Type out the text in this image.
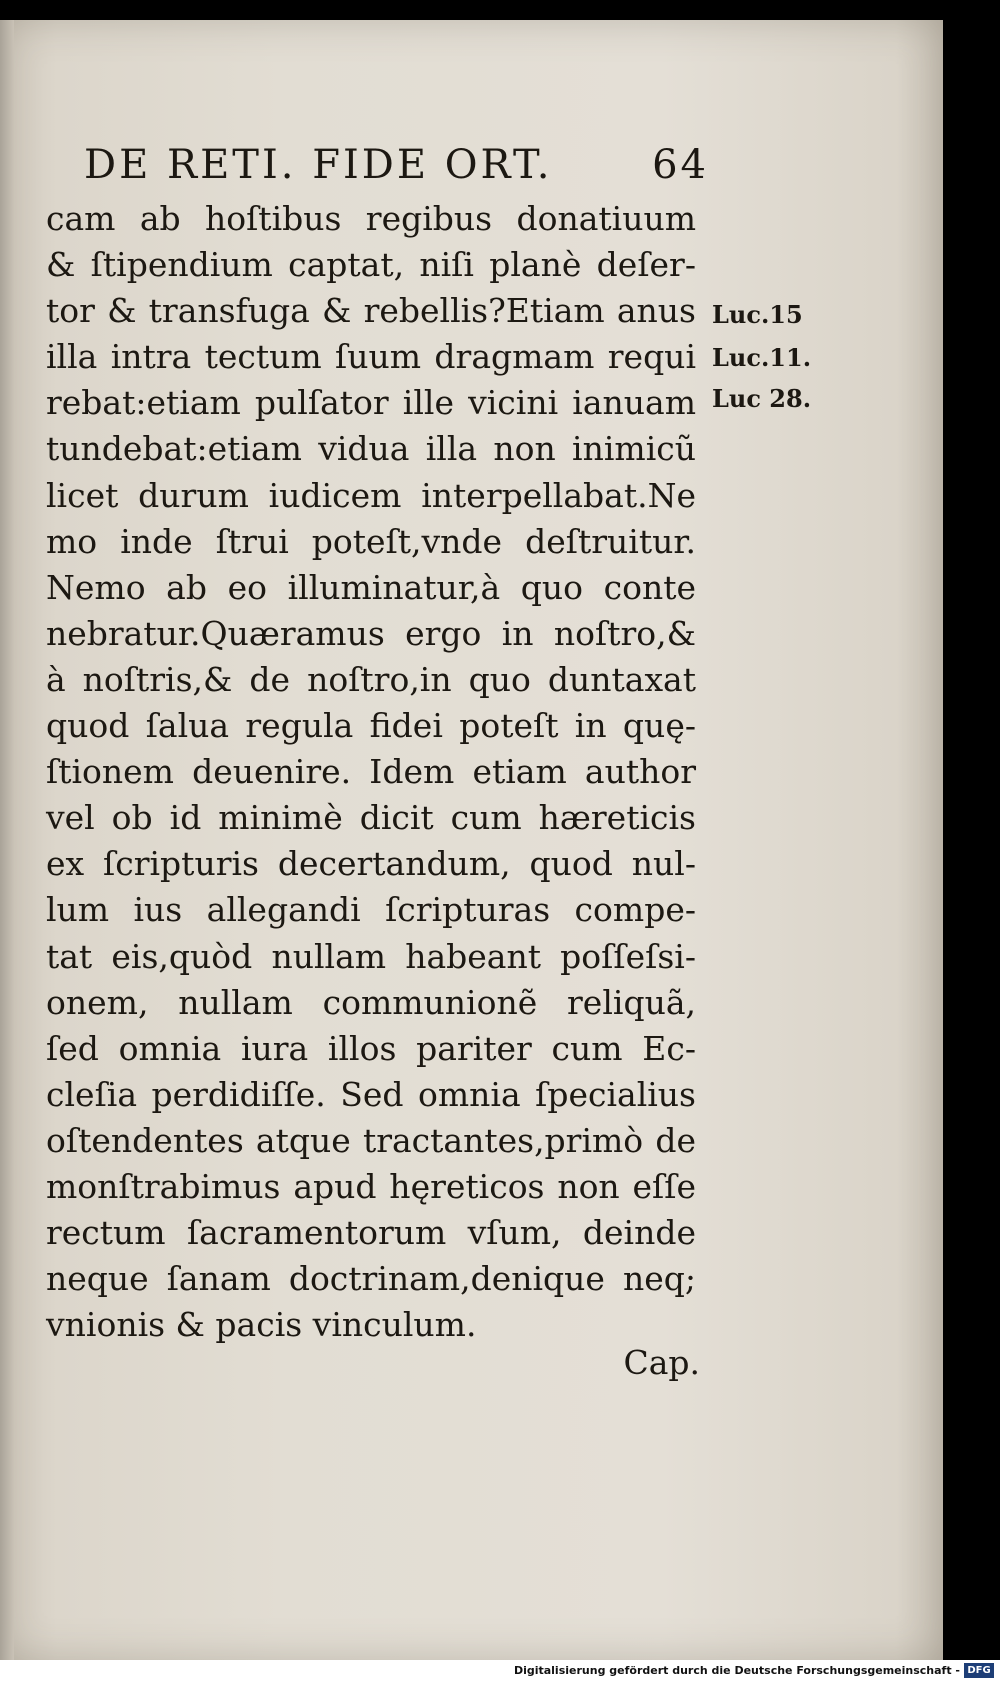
DE RETI. FIDE ORT. 64
cam ab hoſtibus regibus donatiuum
& ſtipendium captat, niſi planè deſer-
tor & transfuga & rebellis?Etiam anus
illa intra tectum ſuum dragmam requi
rebat:etiam pulſator ille vicini ianuam
tundebat:etiam vidua illa non inimicũ
licet durum iudicem interpellabat.Ne
mo inde ſtrui poteſt,vnde deſtruitur.
Nemo ab eo illuminatur,à quo conte
nebratur.Quæramus ergo in noſtro,&
à noſtris,& de noſtro,in quo duntaxat
quod ſalua regula fidei poteſt in quę-
ſtionem deuenire. Idem etiam author
vel ob id minimè dicit cum hæreticis
ex ſcripturis decertandum, quod nul-
lum ius allegandi ſcripturas compe-
tat eis,quòd nullam habeant poſſeſsi-
onem, nullam communionẽ reliquã,
ſed omnia iura illos pariter cum Ec-
cleſia perdidiſſe. Sed omnia ſpecialius
oſtendentes atque tractantes,primò de
monſtrabimus apud hęreticos non eſſe
rectum ſacramentorum vſum, deinde
neque ſanam doctrinam,denique neq;
vnionis & pacis vinculum.
Cap.
Luc.15
Luc.11.
Luc 28.
Digitalisierung gefördert durch die Deutsche Forschungsgemeinschaft - DFG
